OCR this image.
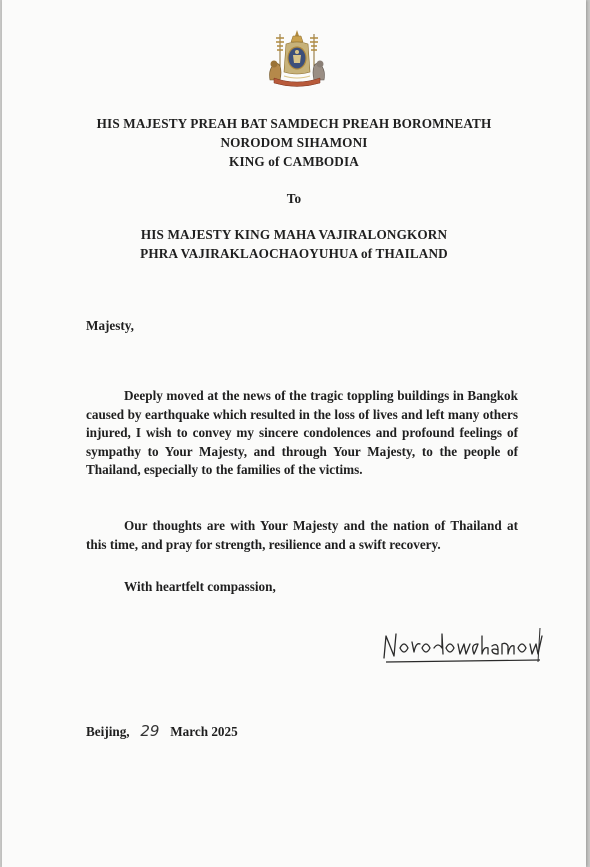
HIS MAJESTY PREAH BAT SAMDECH PREAH BOROMNEATH
NORODOM SIHAMONI
KING of CAMBODIA
To
HIS MAJESTY KING MAHA VAJIRALONGKORN
PHRA VAJIRAKLAOCHAOYUHUA of THAILAND
Majesty,
Deeply moved at the news of the tragic toppling buildings in Bangkok caused by earthquake which resulted in the loss of lives and left many others injured, I wish to convey my sincere condolences and profound feelings of sympathy to Your Majesty, and through Your Majesty, to the people of Thailand, especially to the families of the victims.
Our thoughts are with Your Majesty and the nation of Thailand at this time, and pray for strength, resilience and a swift recovery.
With heartfelt compassion,
Beijing, 29 March 2025
